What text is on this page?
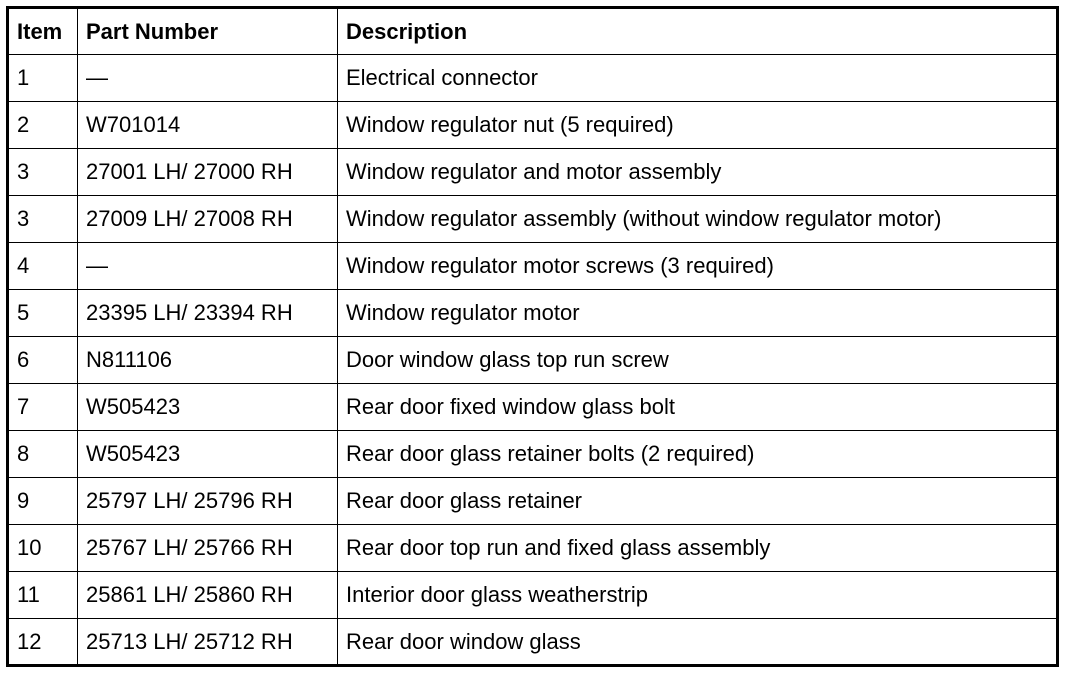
Item	Part Number	Description
1	—	Electrical connector
2	W701014	Window regulator nut (5 required)
3	27001 LH/ 27000 RH	Window regulator and motor assembly
3	27009 LH/ 27008 RH	Window regulator assembly (without window regulator motor)
4	—	Window regulator motor screws (3 required)
5	23395 LH/ 23394 RH	Window regulator motor
6	N811106	Door window glass top run screw
7	W505423	Rear door fixed window glass bolt
8	W505423	Rear door glass retainer bolts (2 required)
9	25797 LH/ 25796 RH	Rear door glass retainer
10	25767 LH/ 25766 RH	Rear door top run and fixed glass assembly
11	25861 LH/ 25860 RH	Interior door glass weatherstrip
12	25713 LH/ 25712 RH	Rear door window glass
